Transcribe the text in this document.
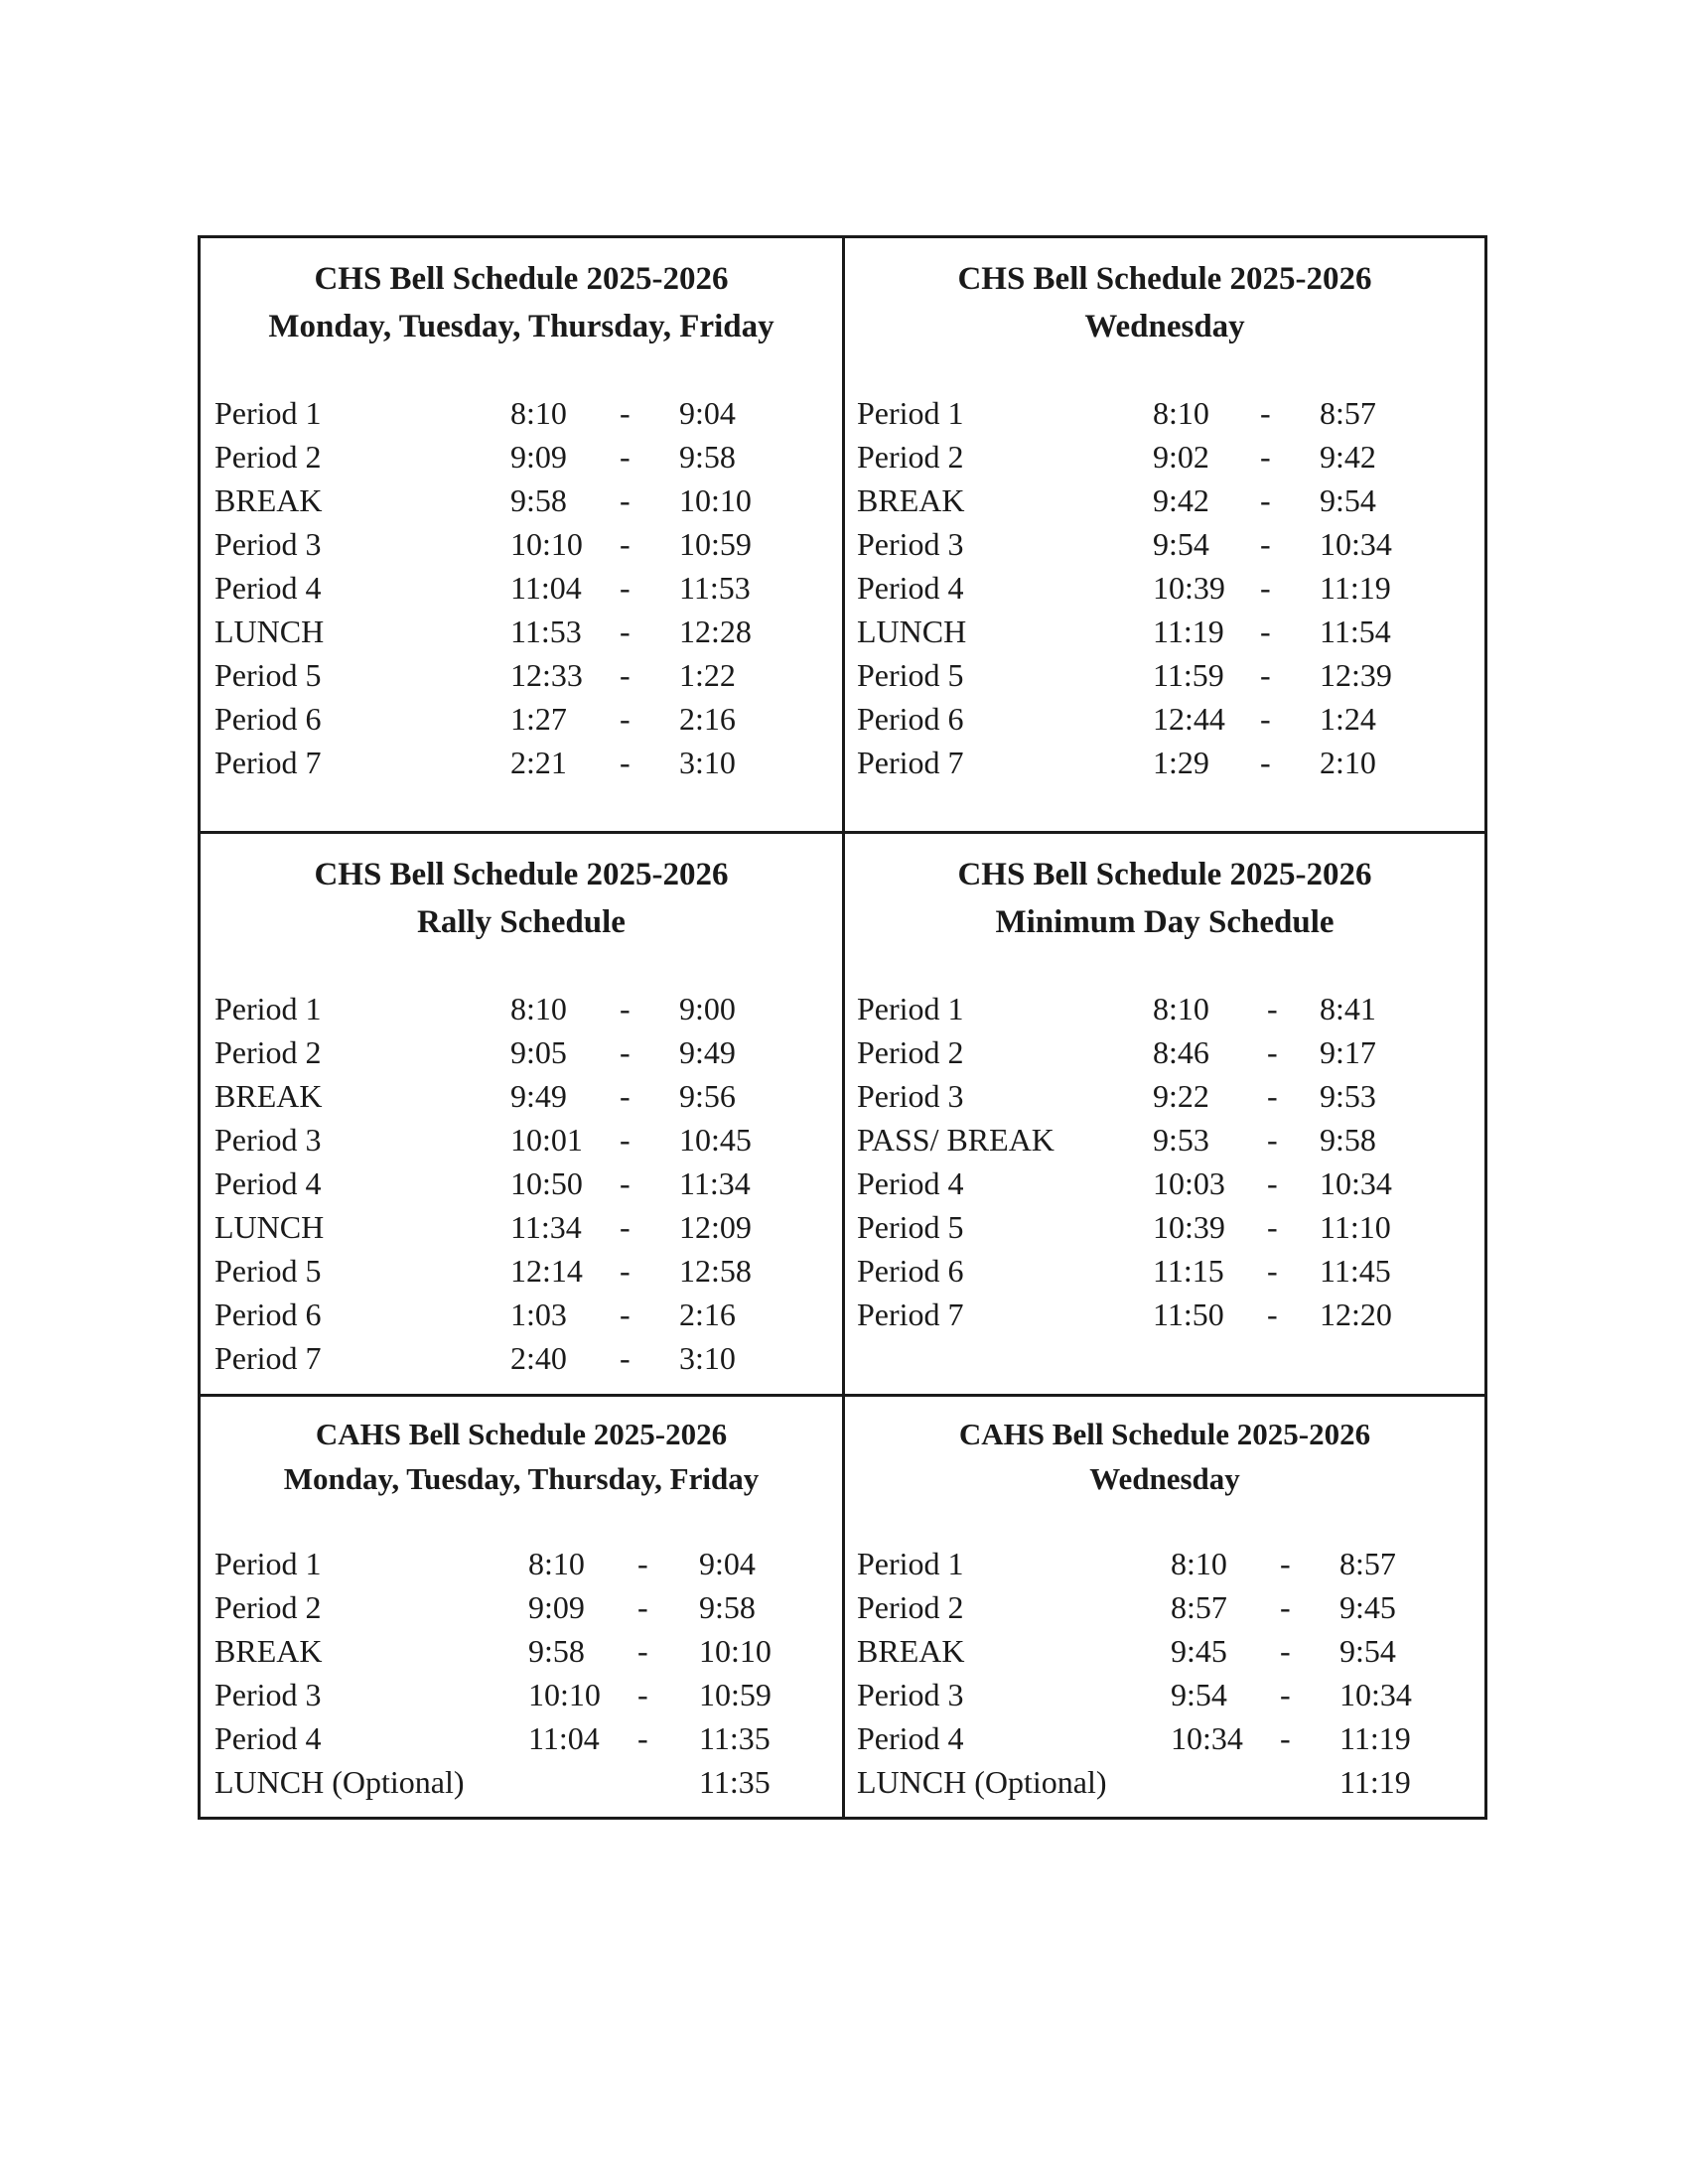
CHS Bell Schedule 2025-2026
Monday, Tuesday, Thursday, Friday
Period 1	8:10 - 9:04
Period 2	9:09 - 9:58
BREAK	9:58 - 10:10
Period 3	10:10 - 10:59
Period 4	11:04 - 11:53
LUNCH	11:53 - 12:28
Period 5	12:33 - 1:22
Period 6	1:27 - 2:16
Period 7	2:21 - 3:10
CHS Bell Schedule 2025-2026
Wednesday
Period 1	8:10 - 8:57
Period 2	9:02 - 9:42
BREAK	9:42 - 9:54
Period 3	9:54 - 10:34
Period 4	10:39 - 11:19
LUNCH	11:19 - 11:54
Period 5	11:59 - 12:39
Period 6	12:44 - 1:24
Period 7	1:29 - 2:10
CHS Bell Schedule 2025-2026
Rally Schedule
Period 1	8:10 - 9:00
Period 2	9:05 - 9:49
BREAK	9:49 - 9:56
Period 3	10:01 - 10:45
Period 4	10:50 - 11:34
LUNCH	11:34 - 12:09
Period 5	12:14 - 12:58
Period 6	1:03 - 2:16
Period 7	2:40 - 3:10
CHS Bell Schedule 2025-2026
Minimum Day Schedule
Period 1	8:10 - 8:41
Period 2	8:46 - 9:17
Period 3	9:22 - 9:53
PASS/ BREAK	9:53 - 9:58
Period 4	10:03 - 10:34
Period 5	10:39 - 11:10
Period 6	11:15 - 11:45
Period 7	11:50 - 12:20
CAHS Bell Schedule 2025-2026
Monday, Tuesday, Thursday, Friday
Period 1	8:10 - 9:04
Period 2	9:09 - 9:58
BREAK	9:58 - 10:10
Period 3	10:10 - 10:59
Period 4	11:04 - 11:35
LUNCH (Optional)	11:35
CAHS Bell Schedule 2025-2026
Wednesday
Period 1	8:10 - 8:57
Period 2	8:57 - 9:45
BREAK	9:45 - 9:54
Period 3	9:54 - 10:34
Period 4	10:34 - 11:19
LUNCH (Optional)	11:19
